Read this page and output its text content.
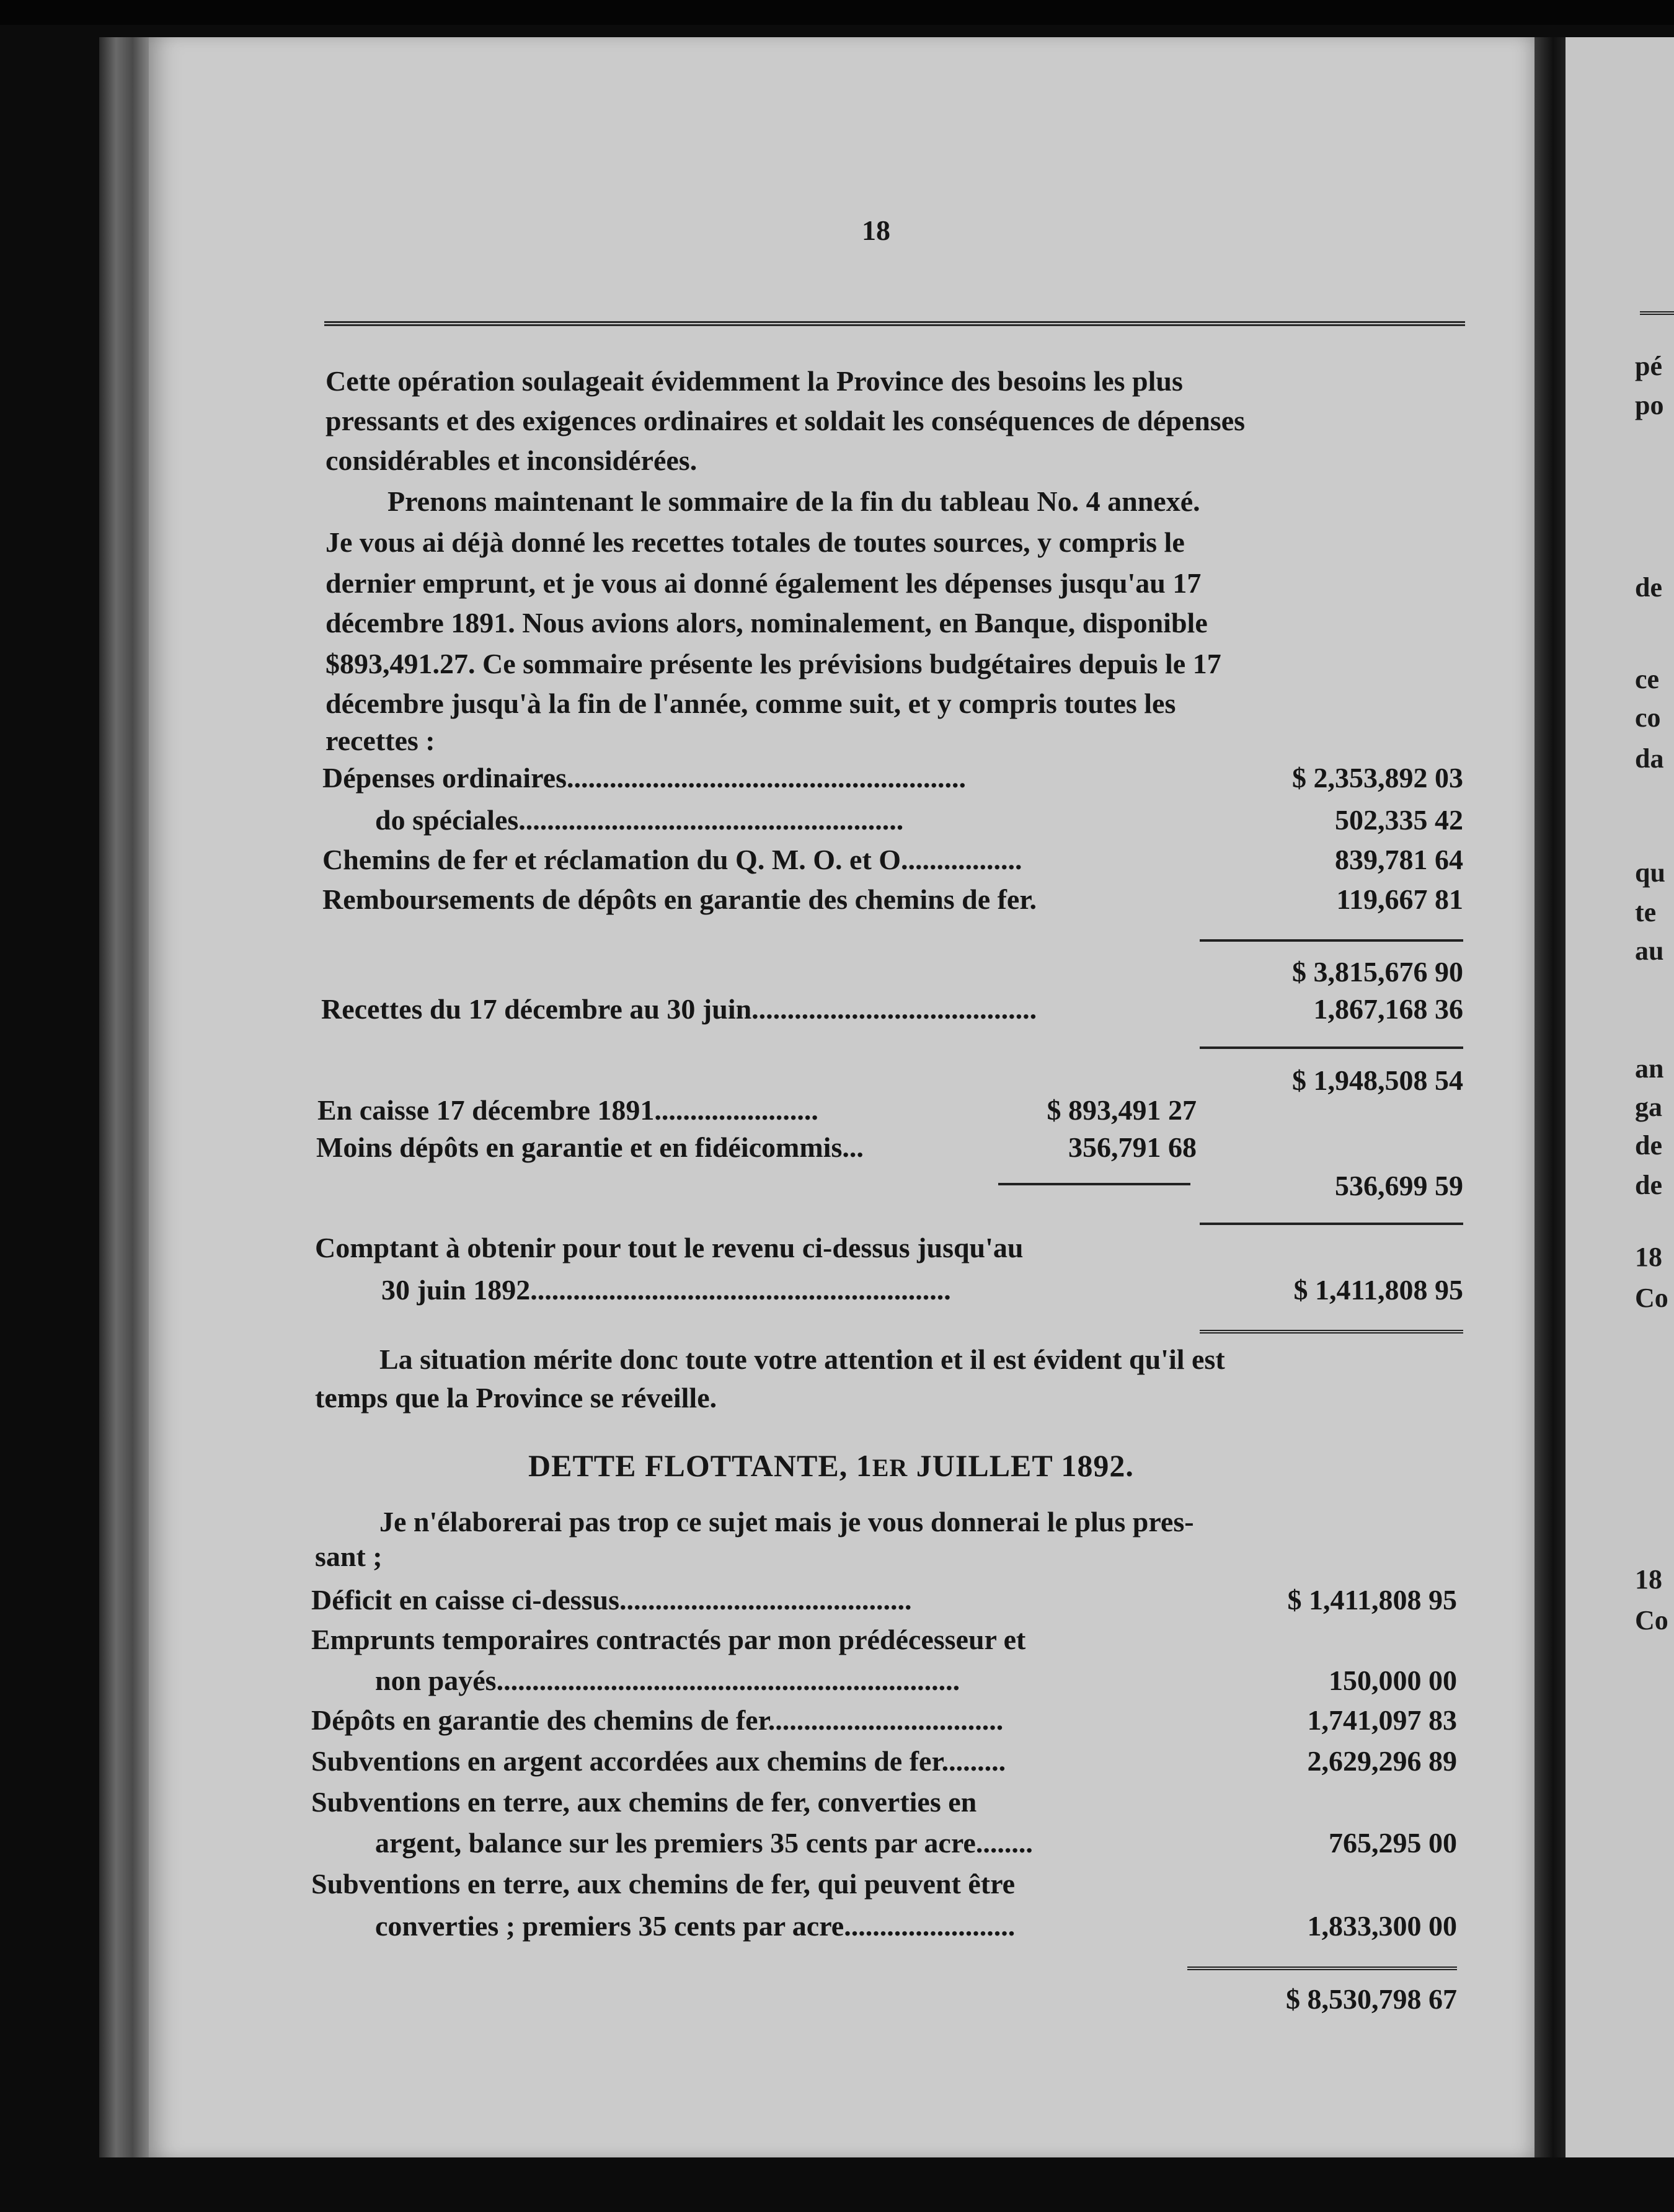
18
Cette opération soulageait évidemment la Province des besoins les plus
pressants et des exigences ordinaires et soldait les conséquences de dépenses
considérables et inconsidérées.
Prenons maintenant le sommaire de la fin du tableau No. 4 annexé.
Je vous ai déjà donné les recettes totales de toutes sources, y compris le
dernier emprunt, et je vous ai donné également les dépenses jusqu'au 17
décembre 1891. Nous avions alors, nominalement, en Banque, disponible
$893,491.27. Ce sommaire présente les prévisions budgétaires depuis le 17
décembre jusqu'à la fin de l'année, comme suit, et y compris toutes les
recettes :
Dépenses ordinaires........................................................	$ 2,353,892 03
do spéciales......................................................	502,335 42
Chemins de fer et réclamation du Q. M. O. et O.................	839,781 64
Remboursements de dépôts en garantie des chemins de fer.	119,667 81
$ 3,815,676 90
Recettes du 17 décembre au 30 juin........................................	1,867,168 36
$ 1,948,508 54
En caisse 17 décembre 1891.......................	$ 893,491 27
Moins dépôts en garantie et en fidéicommis...	356,791 68
536,699 59
Comptant à obtenir pour tout le revenu ci-dessus jusqu'au
30 juin 1892...........................................................	$ 1,411,808 95
La situation mérite donc toute votre attention et il est évident qu'il est
temps que la Province se réveille.
DETTE FLOTTANTE, 1ER JUILLET 1892.
Je n'élaborerai pas trop ce sujet mais je vous donnerai le plus pres-
sant ;
Déficit en caisse ci-dessus.........................................	$ 1,411,808 95
Emprunts temporaires contractés par mon prédécesseur et
non payés.................................................................	150,000 00
Dépôts en garantie des chemins de fer.................................	1,741,097 83
Subventions en argent accordées aux chemins de fer.........	2,629,296 89
Subventions en terre, aux chemins de fer, converties en
argent, balance sur les premiers 35 cents par acre........	765,295 00
Subventions en terre, aux chemins de fer, qui peuvent être
converties ; premiers 35 cents par acre........................	1,833,300 00
$ 8,530,798 67
pé
po
de
ce
co
da
qu
te
au
an
ga
de
de
18
Co
18
Co
